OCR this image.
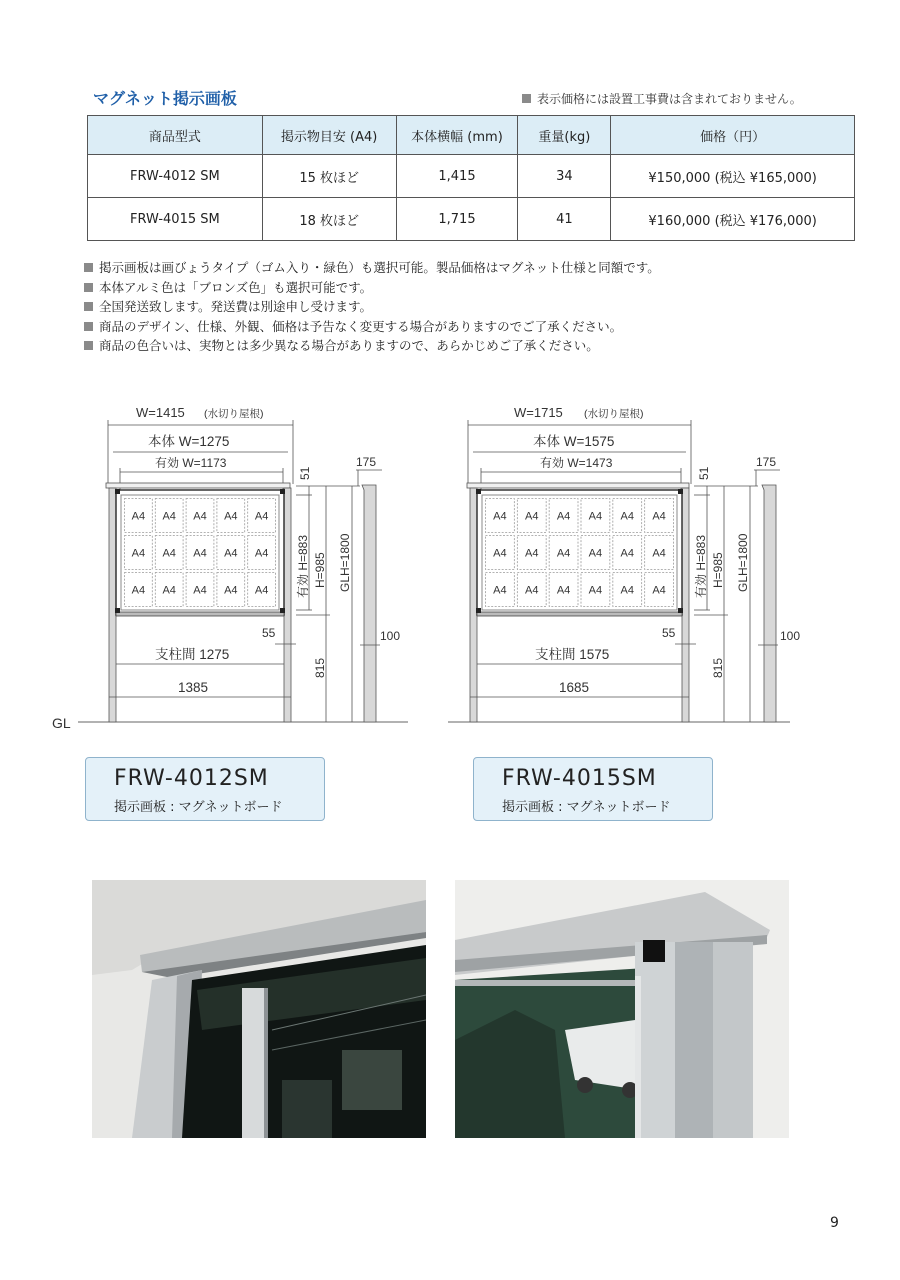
マグネット掲示画板	表示価格には設置工事費は含まれておりません。
商品型式	掲示物目安 (A4)	本体横幅 (mm)	重量(kg)	価格（円）
FRW-4012 SM	15 枚ほど	1,415	34	¥150,000 (税込 ¥165,000)
FRW-4015 SM	18 枚ほど	1,715	41	¥160,000 (税込 ¥176,000)
掲示画板は画びょうタイプ（ゴム入り・緑色）も選択可能。製品価格はマグネット仕様と同額です。
本体アルミ色は「ブロンズ色」も選択可能です。
全国発送致します。発送費は別途申し受けます。
商品のデザイン、仕様、外観、価格は予告なく変更する場合がありますのでご了承ください。
商品の色合いは、実物とは多少異なる場合がありますので、あらかじめご了承ください。
GL
W=1415 (水切り屋根)
本体 W=1275
有効 W=1173
A4 A4 A4 A4 A4
A4 A4 A4 A4 A4
A4 A4 A4 A4 A4
51
有効 H=883 H=985 GLH=1800
815
175
100
55
支柱間 1275
1385
W=1715 (水切り屋根)
本体 W=1575
有効 W=1473
A4 A4 A4 A4 A4 A4
A4 A4 A4 A4 A4 A4
A4 A4 A4 A4 A4 A4
51
有効 H=883 H=985 GLH=1800
815
175
100
55
支柱間 1575
1685
FRW-4012SM
掲示画板 : マグネットボード
FRW-4015SM
掲示画板 : マグネットボード
9
